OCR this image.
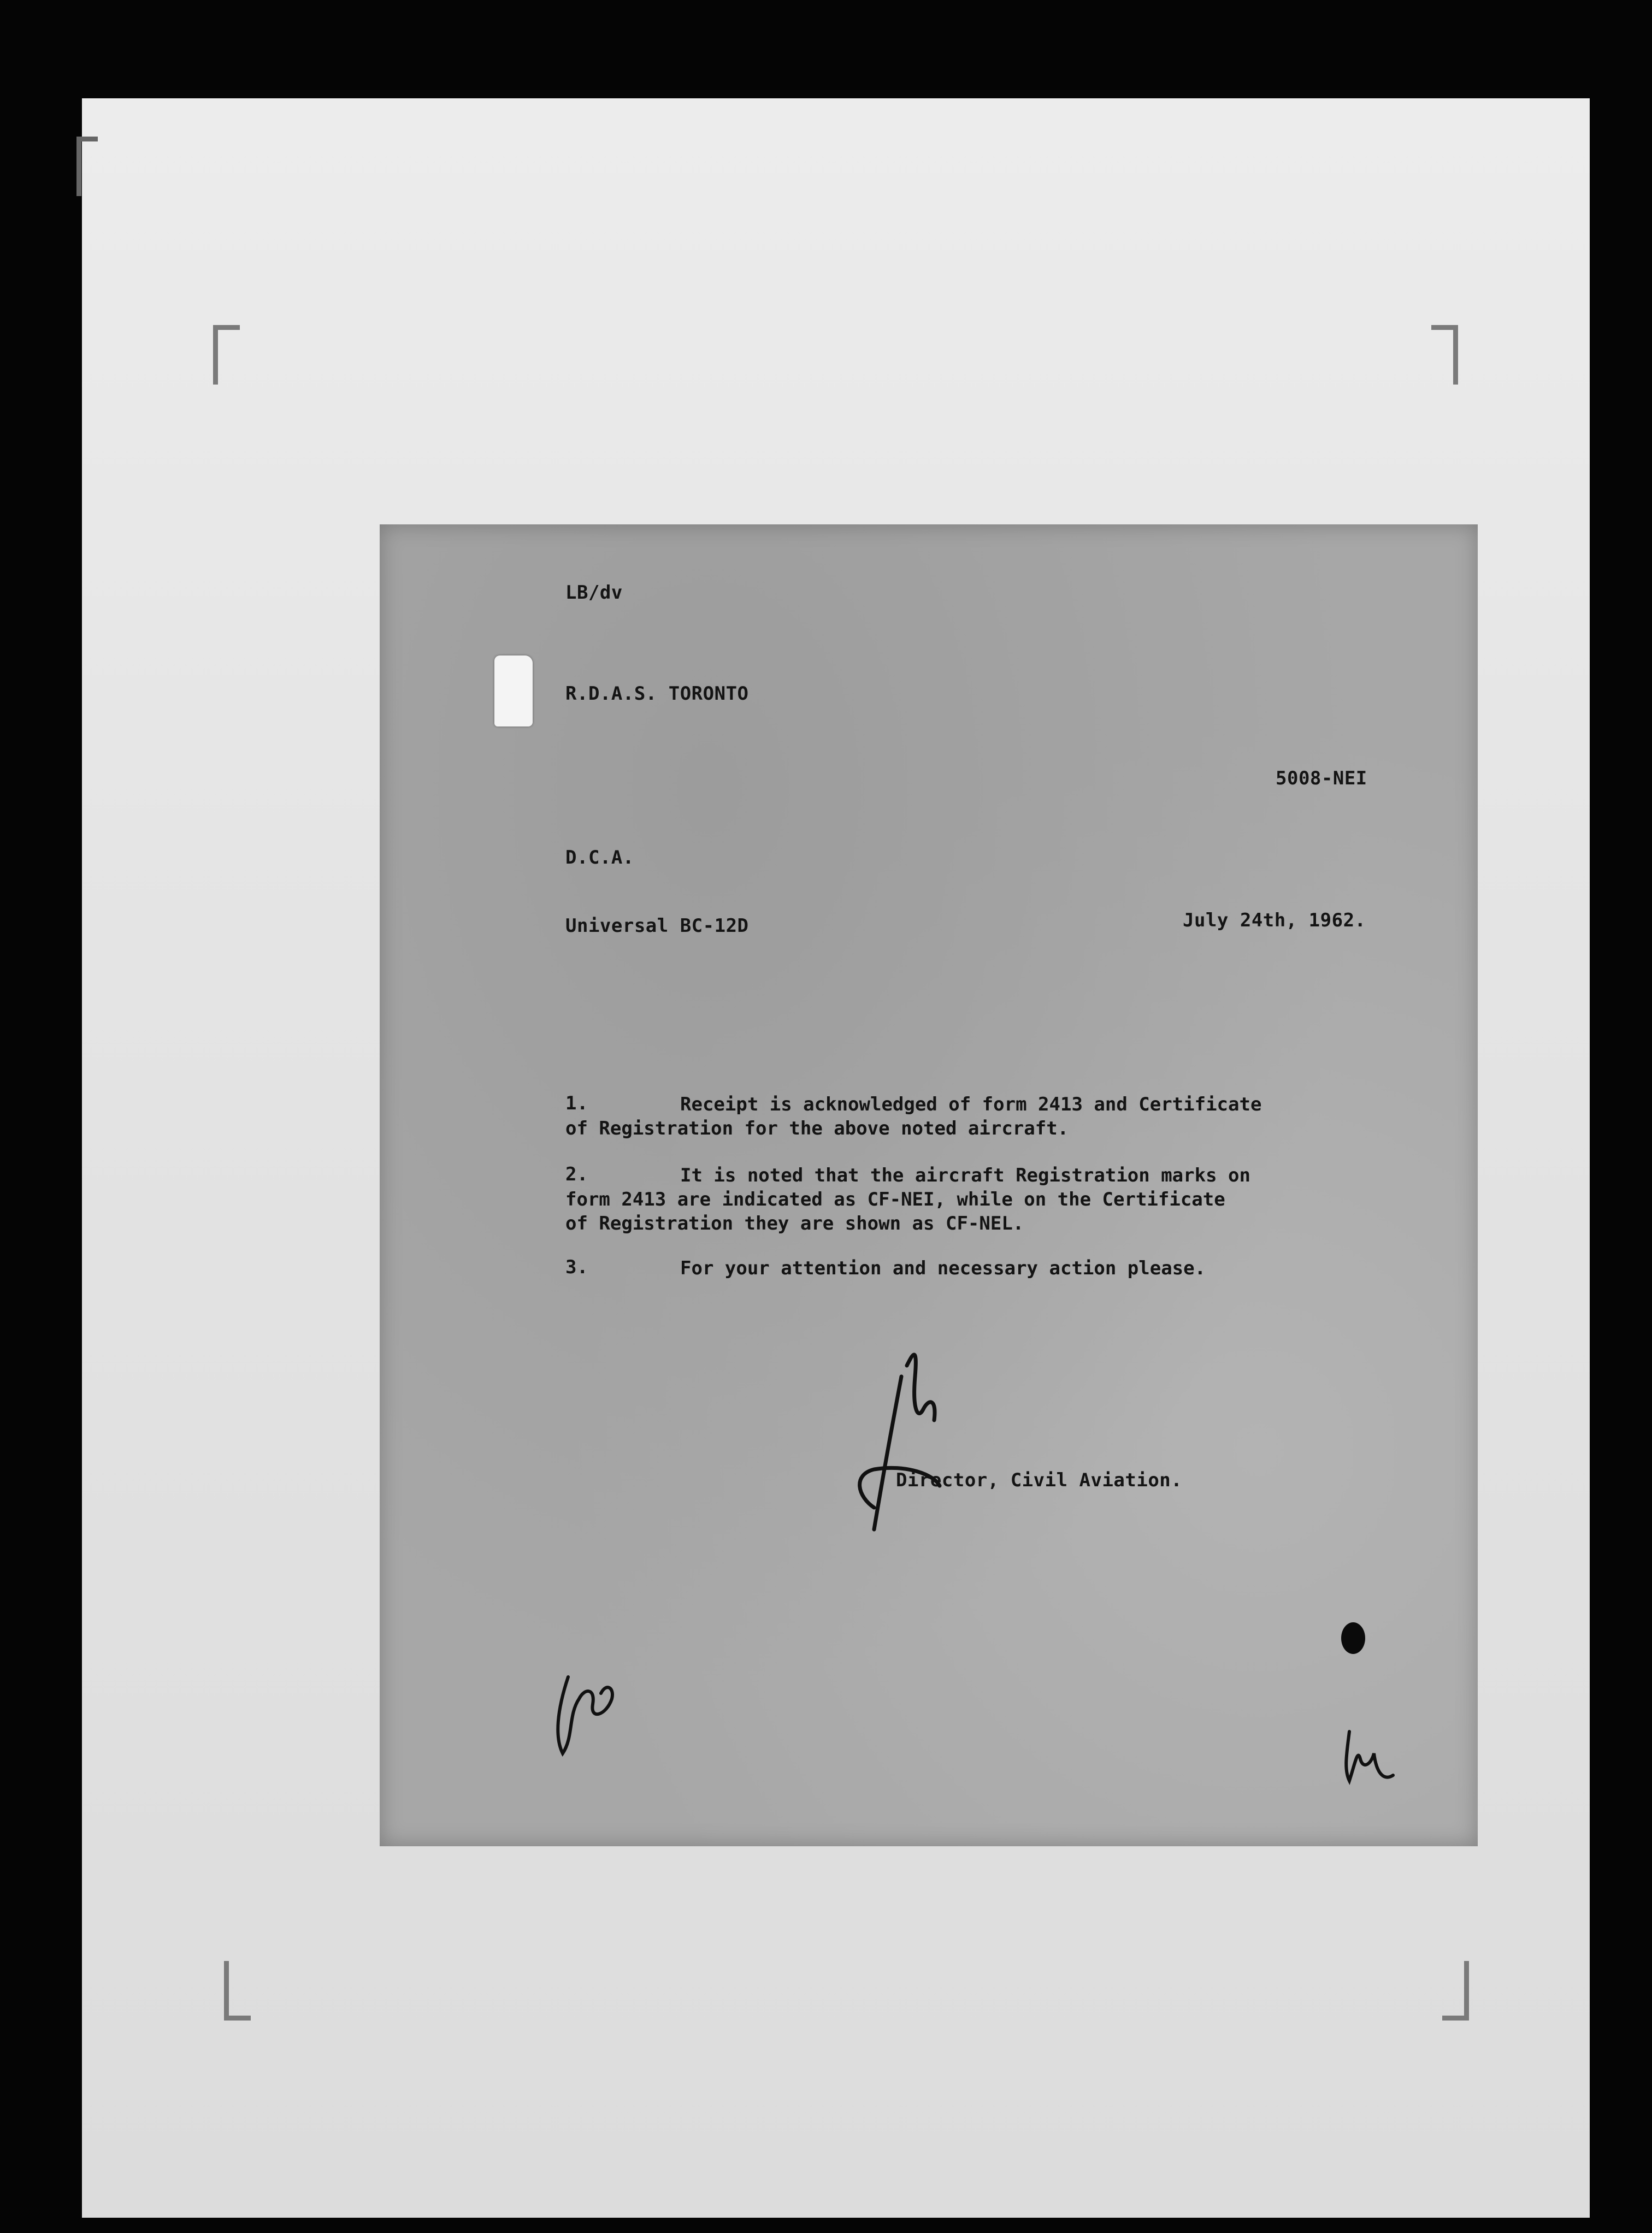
LB/dv
R.D.A.S. TORONTO
5008-NEI
D.C.A.
Universal BC-12D	July 24th, 1962.
1.	Receipt is acknowledged of form 2413 and Certificate
of Registration for the above noted aircraft.
2.	It is noted that the aircraft Registration marks on
form 2413 are indicated as CF-NEI, while on the Certificate
of Registration they are shown as CF-NEL.
3.	For your attention and necessary action please.
Director, Civil Aviation.
